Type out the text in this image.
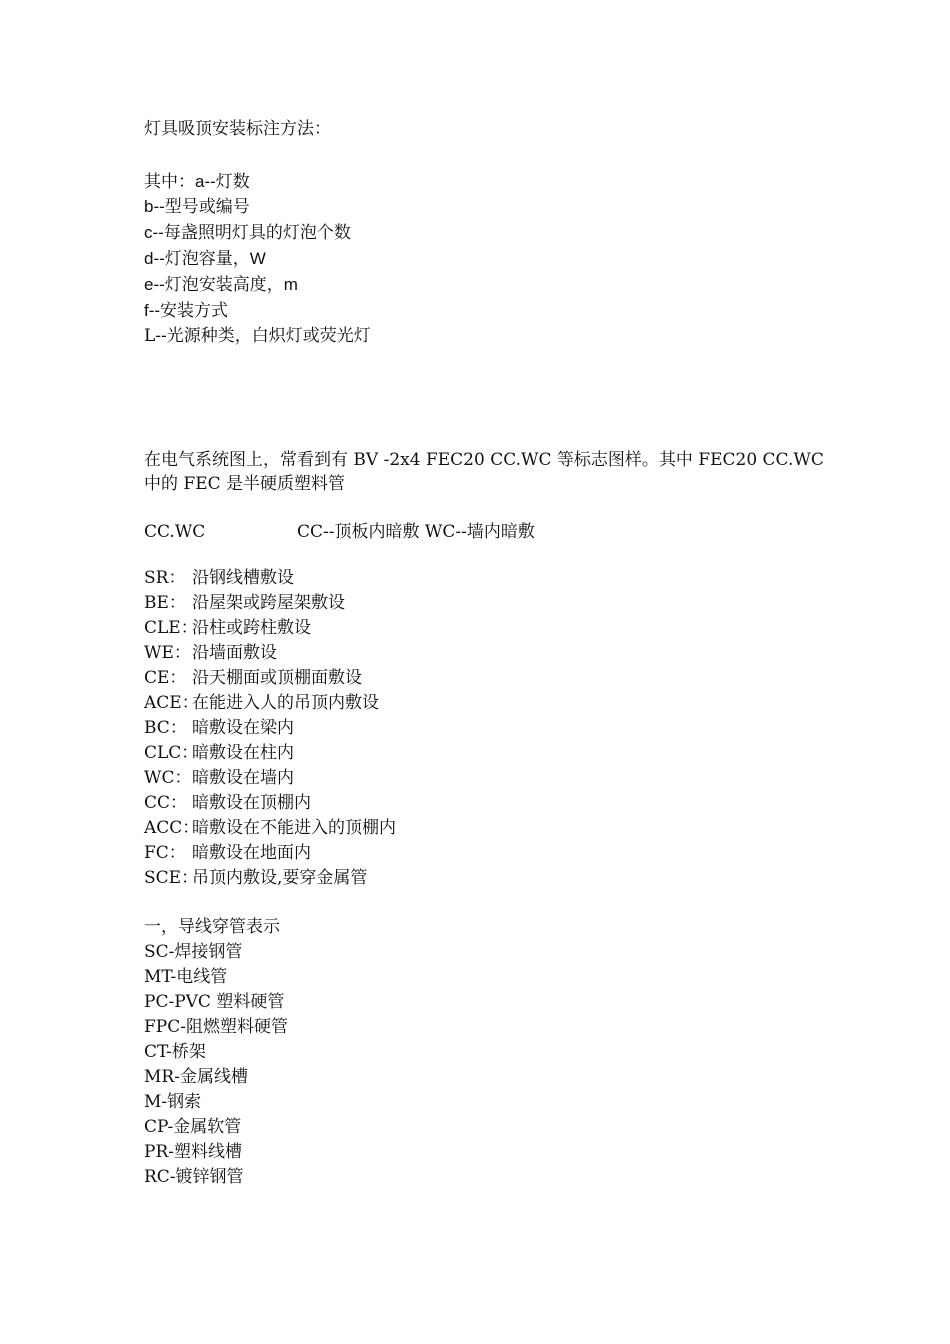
灯具吸顶安装标注方法：
其中：a--灯数
b--型号或编号
c--每盏照明灯具的灯泡个数
d--灯泡容量，W
e--灯泡安装高度，m
f--安装方式
L--光源种类，白炽灯或荧光灯
在电气系统图上，常看到有 BV -2x4 FEC20 CC.WC 等标志图样。其中 FEC20 CC.WC
中的 FEC 是半硬质塑料管
CC.WC	CC--顶板内暗敷 WC--墙内暗敷
SR： 沿钢线槽敷设
BE： 沿屋架或跨屋架敷设
CLE：
沿柱或跨柱敷设
WE： 沿墙面敷设
CE： 沿天棚面或顶棚面敷设
ACE：
在能进入人的吊顶内敷设
BC： 暗敷设在梁内
CLC：
暗敷设在柱内
WC： 暗敷设在墙内
CC： 暗敷设在顶棚内
ACC：
暗敷设在不能进入的顶棚内
FC： 暗敷设在地面内
SCE：
吊顶内敷设,要穿金属管
一，导线穿管表示
SC-焊接钢管
MT-电线管
PC-PVC 塑料硬管
FPC-阻燃塑料硬管
CT-桥架
MR-金属线槽
M-钢索
CP-金属软管
PR-塑料线槽
RC-镀锌钢管
